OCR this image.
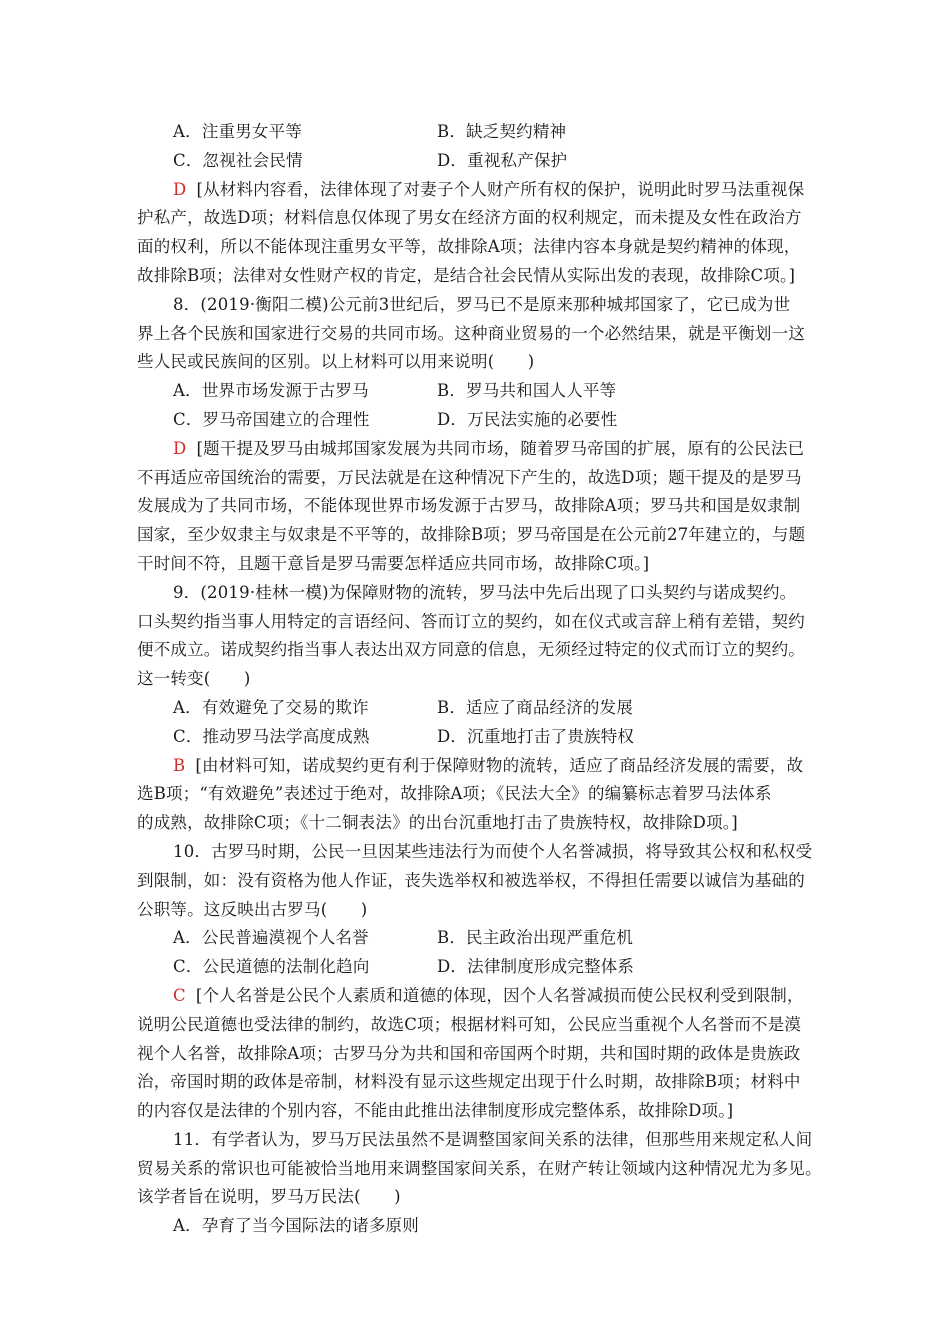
A．注重男女平等	B．缺乏契约精神
C．忽视社会民情	D．重视私产保护
D [从材料内容看，法律体现了对妻子个人财产所有权的保护，说明此时罗马法重视保
护私产，故选D项；材料信息仅体现了男女在经济方面的权利规定，而未提及女性在政治方
面的权利，所以不能体现注重男女平等，故排除A项；法律内容本身就是契约精神的体现，
故排除B项；法律对女性财产权的肯定，是结合社会民情从实际出发的表现，故排除C项。]
8．(2019·衡阳二模)公元前3世纪后，罗马已不是原来那种城邦国家了，它已成为世
界上各个民族和国家进行交易的共同市场。这种商业贸易的一个必然结果，就是平衡划一这
些人民或民族间的区别。以上材料可以用来说明(　　)
A．世界市场发源于古罗马	B．罗马共和国人人平等
C．罗马帝国建立的合理性	D．万民法实施的必要性
D [题干提及罗马由城邦国家发展为共同市场，随着罗马帝国的扩展，原有的公民法已
不再适应帝国统治的需要，万民法就是在这种情况下产生的，故选D项；题干提及的是罗马
发展成为了共同市场，不能体现世界市场发源于古罗马，故排除A项；罗马共和国是奴隶制
国家，至少奴隶主与奴隶是不平等的，故排除B项；罗马帝国是在公元前27年建立的，与题
干时间不符，且题干意旨是罗马需要怎样适应共同市场，故排除C项。]
9．(2019·桂林一模)为保障财物的流转，罗马法中先后出现了口头契约与诺成契约。
口头契约指当事人用特定的言语经问、答而订立的契约，如在仪式或言辞上稍有差错，契约
便不成立。诺成契约指当事人表达出双方同意的信息，无须经过特定的仪式而订立的契约。
这一转变(　　)
A．有效避免了交易的欺诈	B．适应了商品经济的发展
C．推动罗马法学高度成熟	D．沉重地打击了贵族特权
B [由材料可知，诺成契约更有利于保障财物的流转，适应了商品经济发展的需要，故
选B项；“有效避免”表述过于绝对，故排除A项；《民法大全》的编纂标志着罗马法体系
的成熟，故排除C项；《十二铜表法》的出台沉重地打击了贵族特权，故排除D项。]
10．古罗马时期，公民一旦因某些违法行为而使个人名誉减损，将导致其公权和私权受
到限制，如：没有资格为他人作证，丧失选举权和被选举权，不得担任需要以诚信为基础的
公职等。这反映出古罗马(　　)
A．公民普遍漠视个人名誉	B．民主政治出现严重危机
C．公民道德的法制化趋向	D．法律制度形成完整体系
C [个人名誉是公民个人素质和道德的体现，因个人名誉减损而使公民权利受到限制，
说明公民道德也受法律的制约，故选C项；根据材料可知，公民应当重视个人名誉而不是漠
视个人名誉，故排除A项；古罗马分为共和国和帝国两个时期，共和国时期的政体是贵族政
治，帝国时期的政体是帝制，材料没有显示这些规定出现于什么时期，故排除B项；材料中
的内容仅是法律的个别内容，不能由此推出法律制度形成完整体系，故排除D项。]
11．有学者认为，罗马万民法虽然不是调整国家间关系的法律，但那些用来规定私人间
贸易关系的常识也可能被恰当地用来调整国家间关系，在财产转让领域内这种情况尤为多见。
该学者旨在说明，罗马万民法(　　)
A．孕育了当今国际法的诸多原则
